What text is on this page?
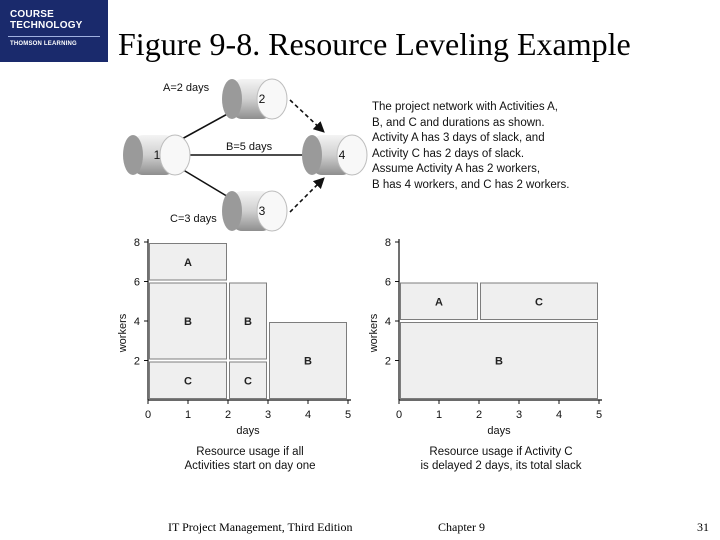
COURSE
TECHNOLOGY
THOMSON LEARNING Figure 9-8. Resource Leveling Example
1
2
3
4
A=2 days
B=5 days
C=3 days
The project network with Activities A,
B, and C and durations as shown.
Activity A has 3 days of slack, and
Activity C has 2 days of slack.
Assume Activity A has 2 workers,
B has 4 workers, and C has 2 workers.
C
B
A
C
B
B
0	1	2	3	4	5
2
4
6
8
days
workers
Resource usage if all
Activities start on day one
B
A	C
0	1	2	3	4	5
2
4
6
8
days
workers
Resource usage if Activity C
is delayed 2 days, its total slack
IT Project Management, Third Edition	Chapter 9	31
